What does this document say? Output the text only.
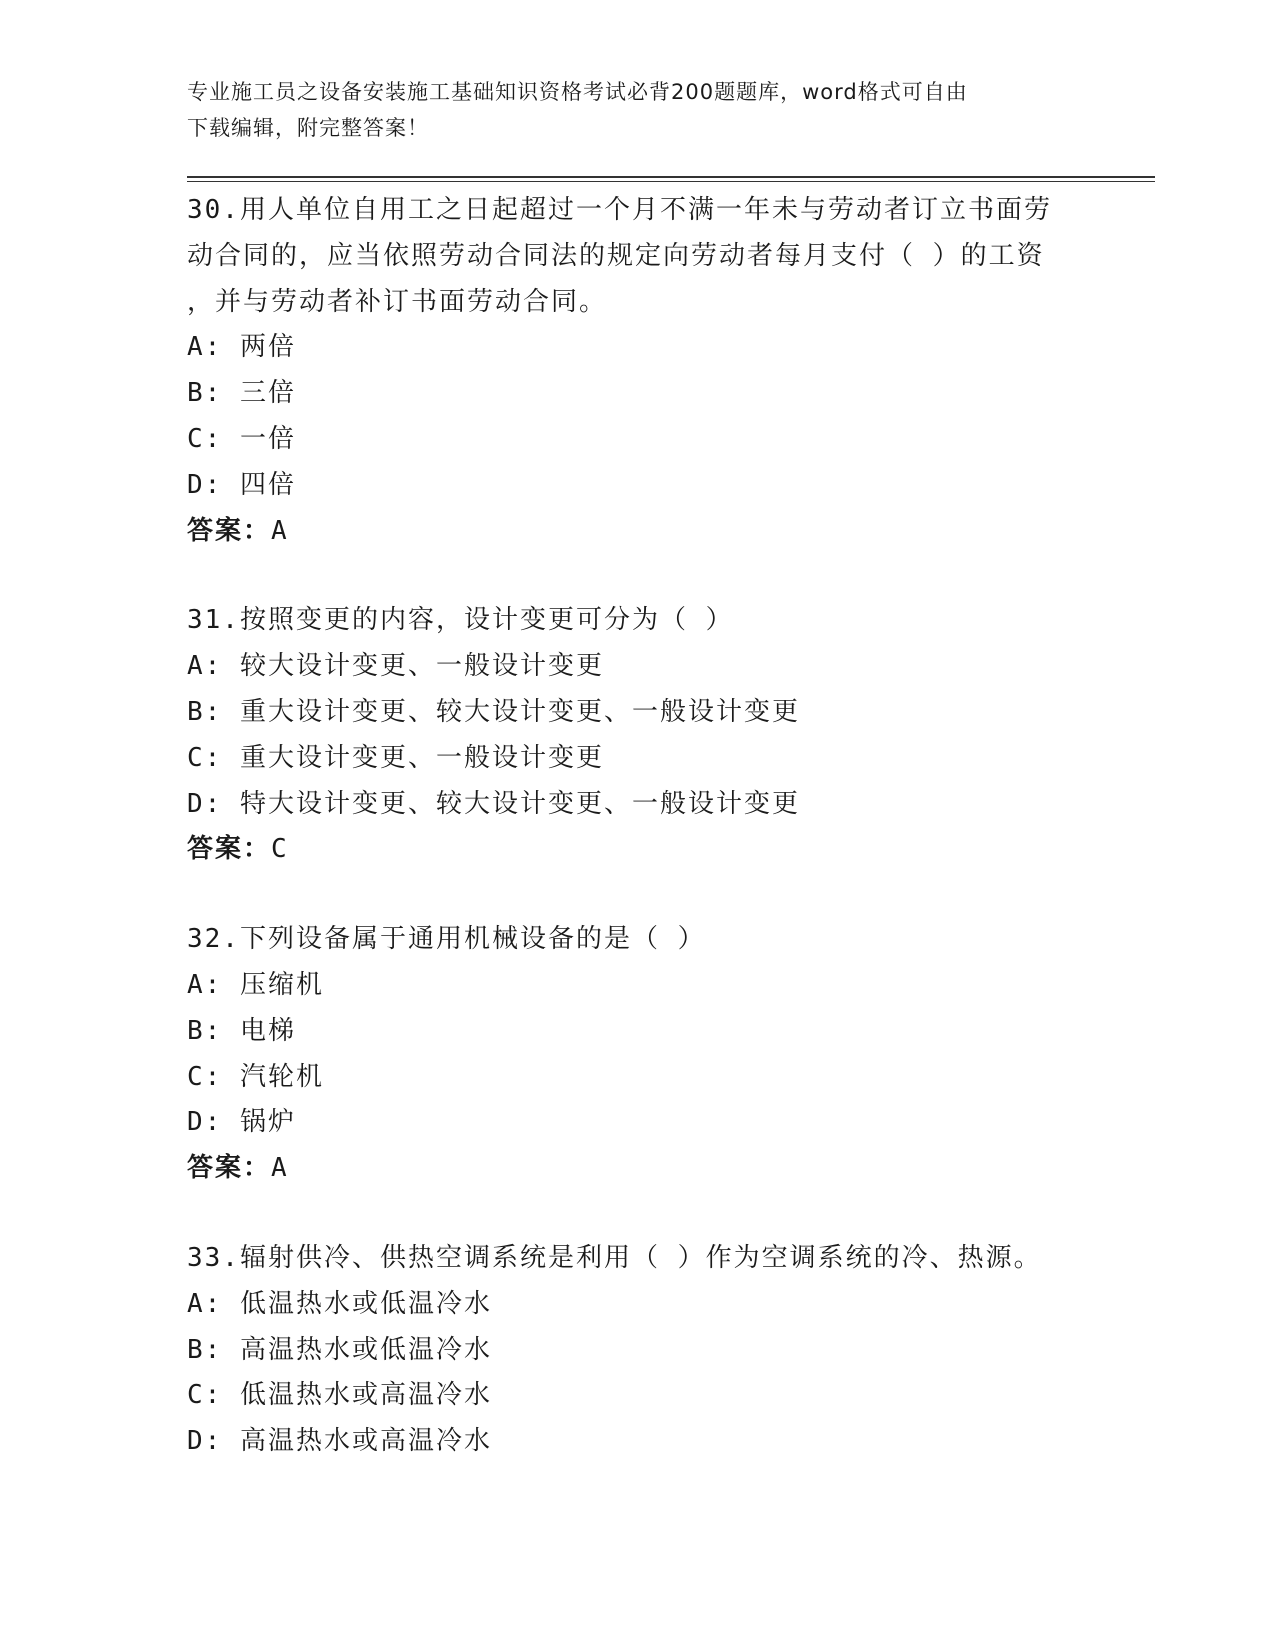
专业施工员之设备安装施工基础知识资格考试必背200题题库，word格式可自由
下载编辑，附完整答案！
30.用人单位自用工之日起超过一个月不满一年未与劳动者订立书面劳
动合同的，应当依照劳动合同法的规定向劳动者每月支付（ ）的工资
，并与劳动者补订书面劳动合同。
A: 两倍
B: 三倍
C: 一倍
D: 四倍
答案：A
31.按照变更的内容，设计变更可分为（ ）
A: 较大设计变更、一般设计变更
B: 重大设计变更、较大设计变更、一般设计变更
C: 重大设计变更、一般设计变更
D: 特大设计变更、较大设计变更、一般设计变更
答案：C
32.下列设备属于通用机械设备的是（ ）
A: 压缩机
B: 电梯
C: 汽轮机
D: 锅炉
答案：A
33.辐射供冷、供热空调系统是利用（ ）作为空调系统的冷、热源。
A: 低温热水或低温冷水
B: 高温热水或低温冷水
C: 低温热水或高温冷水
D: 高温热水或高温冷水
